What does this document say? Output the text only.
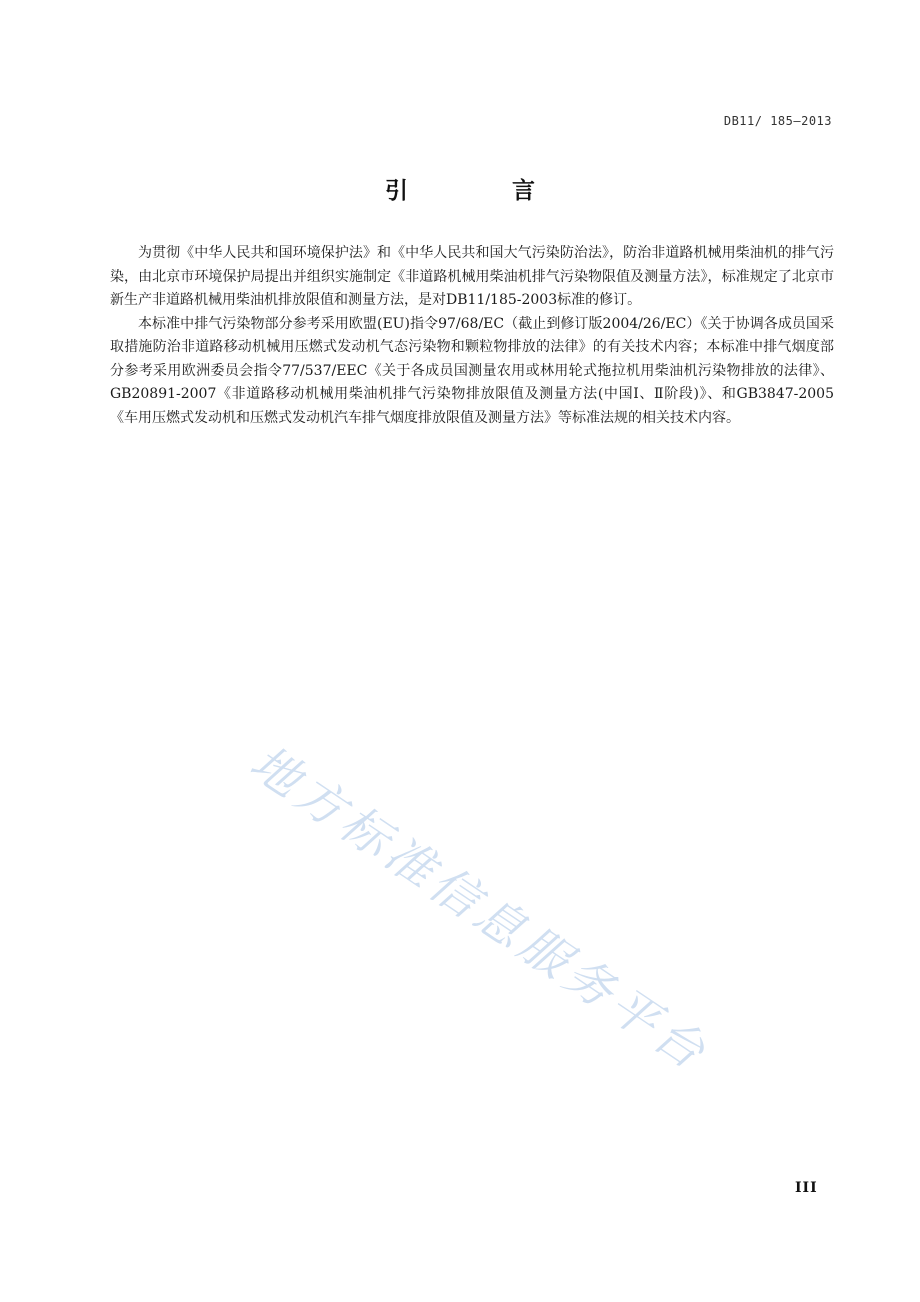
DB11/ 185—2013
引 言

为贯彻《中华人民共和国环境保护法》和《中华人民共和国大气污染防治法》，防治非道路机械用柴油机的排气污染，由北京市环境保护局提出并组织实施制定《非道路机械用柴油机排气污染物限值及测量方法》，标准规定了北京市新生产非道路机械用柴油机排放限值和测量方法，是对DB11/185-2003标准的修订。

本标准中排气污染物部分参考采用欧盟(EU)指令97/68/EC（截止到修订版2004/26/EC）《关于协调各成员国采取措施防治非道路移动机械用压燃式发动机气态污染物和颗粒物排放的法律》的有关技术内容；本标准中排气烟度部分参考采用欧洲委员会指令77/537/EEC《关于各成员国测量农用或林用轮式拖拉机用柴油机污染物排放的法律》、GB20891-2007《非道路移动机械用柴油机排气污染物排放限值及测量方法(中国Ⅰ、Ⅱ阶段)》、和GB3847-2005《车用压燃式发动机和压燃式发动机汽车排气烟度排放限值及测量方法》等标准法规的相关技术内容。

地方标准信息服务平台
III
